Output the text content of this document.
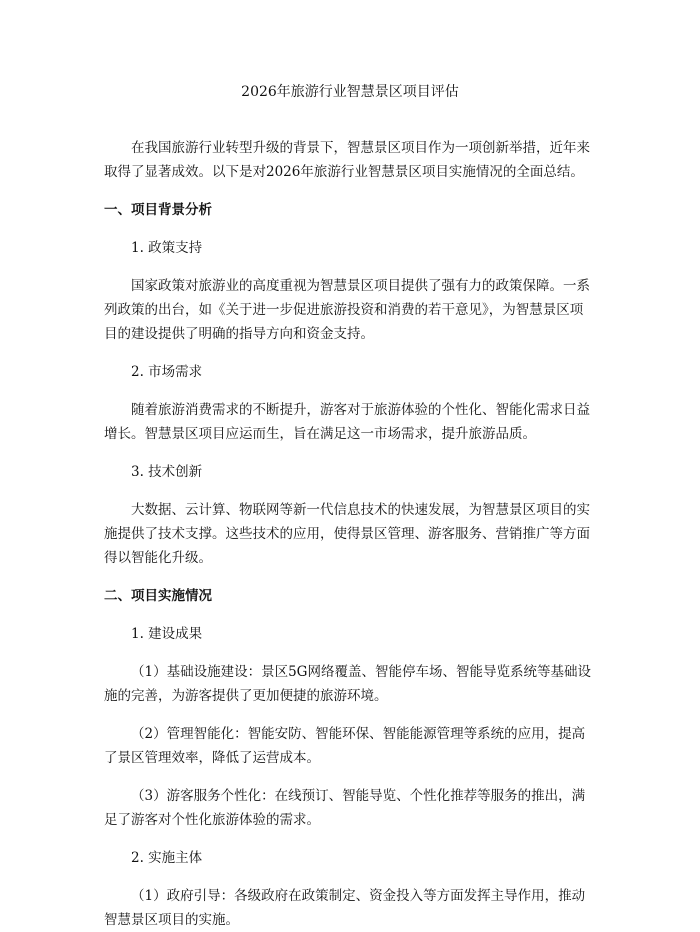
2026年旅游行业智慧景区项目评估

在我国旅游行业转型升级的背景下，智慧景区项目作为一项创新举措，近年来取得了显著成效。以下是对2026年旅游行业智慧景区项目实施情况的全面总结。

一、项目背景分析

1. 政策支持

国家政策对旅游业的高度重视为智慧景区项目提供了强有力的政策保障。一系列政策的出台，如《关于进一步促进旅游投资和消费的若干意见》，为智慧景区项目的建设提供了明确的指导方向和资金支持。

2. 市场需求

随着旅游消费需求的不断提升，游客对于旅游体验的个性化、智能化需求日益增长。智慧景区项目应运而生，旨在满足这一市场需求，提升旅游品质。

3. 技术创新

大数据、云计算、物联网等新一代信息技术的快速发展，为智慧景区项目的实施提供了技术支撑。这些技术的应用，使得景区管理、游客服务、营销推广等方面得以智能化升级。

二、项目实施情况

1. 建设成果

（1）基础设施建设：景区5G网络覆盖、智能停车场、智能导览系统等基础设施的完善，为游客提供了更加便捷的旅游环境。

（2）管理智能化：智能安防、智能环保、智能能源管理等系统的应用，提高了景区管理效率，降低了运营成本。

（3）游客服务个性化：在线预订、智能导览、个性化推荐等服务的推出，满足了游客对个性化旅游体验的需求。

2. 实施主体

（1）政府引导：各级政府在政策制定、资金投入等方面发挥主导作用，推动智慧景区项目的实施。
